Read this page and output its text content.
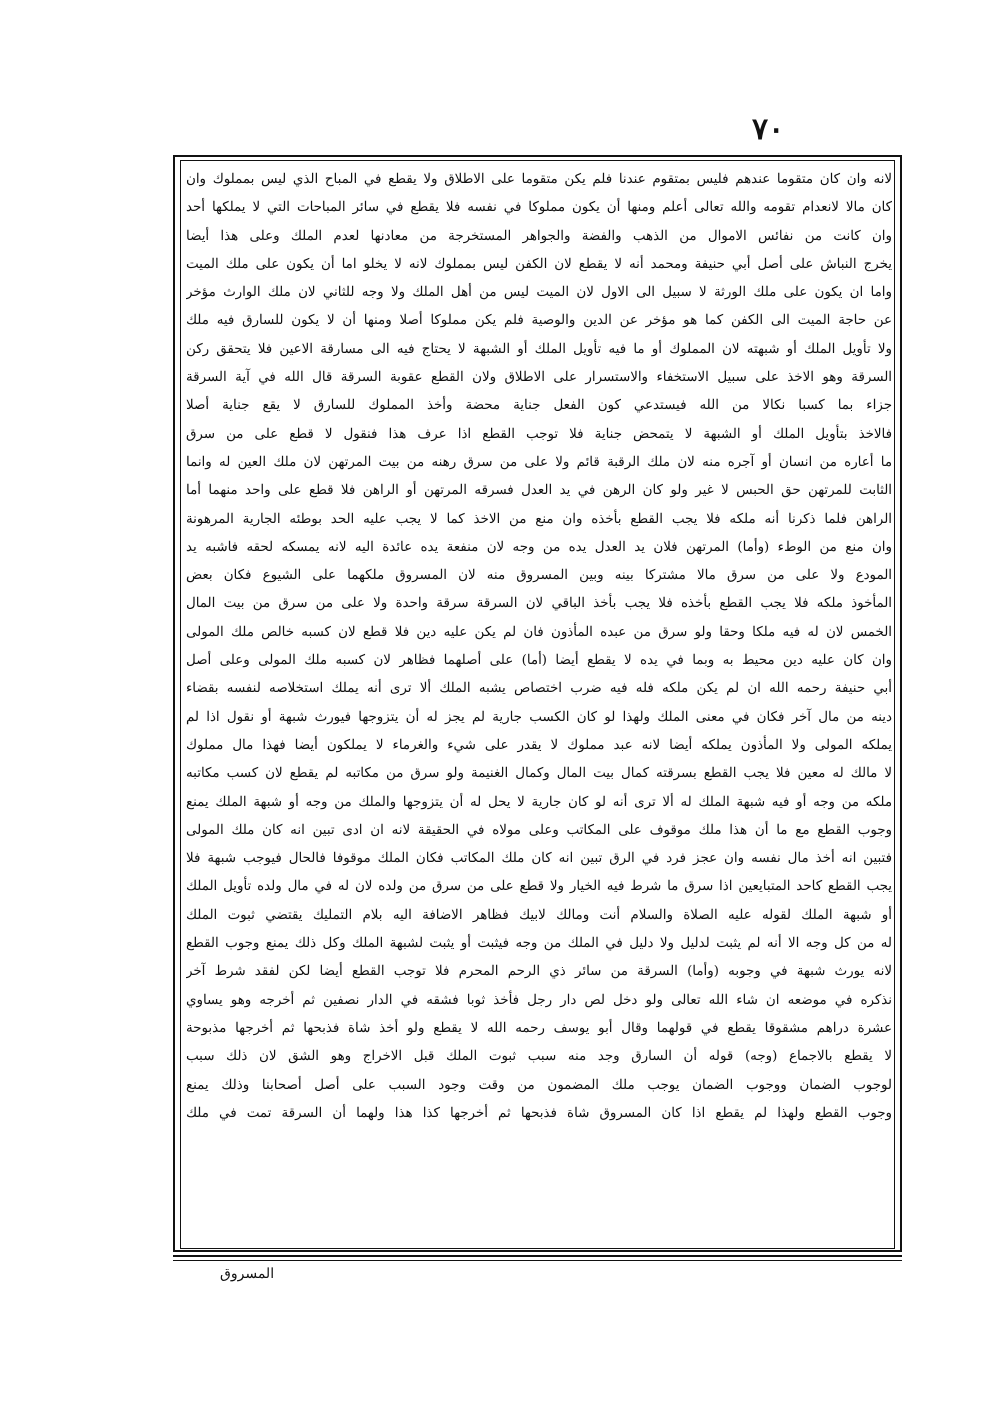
٧٠
لانه وان كان متقوما عندهم فليس بمتقوم عندنا فلم يكن متقوما على الاطلاق ولا يقطع في المباح الذي ليس بمملوك وان
كان مالا لانعدام تقومه والله تعالى أعلم ومنها أن يكون مملوكا في نفسه فلا يقطع في سائر المباحات التي لا يملكها أحد
وان كانت من نفائس الاموال من الذهب والفضة والجواهر المستخرجة من معادنها لعدم الملك وعلى هذا أيضا
يخرج النباش على أصل أبي حنيفة ومحمد أنه لا يقطع لان الكفن ليس بمملوك لانه لا يخلو اما أن يكون على ملك الميت
واما ان يكون على ملك الورثة لا سبيل الى الاول لان الميت ليس من أهل الملك ولا وجه للثاني لان ملك الوارث مؤخر
عن حاجة الميت الى الكفن كما هو مؤخر عن الدين والوصية فلم يكن مملوكا أصلا ومنها أن لا يكون للسارق فيه ملك
ولا تأويل الملك أو شبهته لان المملوك أو ما فيه تأويل الملك أو الشبهة لا يحتاج فيه الى مسارقة الاعين فلا يتحقق ركن
السرقة وهو الاخذ على سبيل الاستخفاء والاستسرار على الاطلاق ولان القطع عقوبة السرقة قال الله في آية السرقة
جزاء بما كسبا نكالا من الله فيستدعي كون الفعل جناية محضة وأخذ المملوك للسارق لا يقع جناية أصلا
فالاخذ بتأويل الملك أو الشبهة لا يتمحض جناية فلا توجب القطع اذا عرف هذا فنقول لا قطع على من سرق
ما أعاره من انسان أو آجره منه لان ملك الرقبة قائم ولا على من سرق رهنه من بيت المرتهن لان ملك العين له وانما
الثابت للمرتهن حق الحبس لا غير ولو كان الرهن في يد العدل فسرقه المرتهن أو الراهن فلا قطع على واحد منهما أما
الراهن فلما ذكرنا أنه ملكه فلا يجب القطع بأخذه وان منع من الاخذ كما لا يجب عليه الحد بوطئه الجارية المرهونة
وان منع من الوطء (وأما) المرتهن فلان يد العدل يده من وجه لان منفعة يده عائدة اليه لانه يمسكه لحقه فاشبه يد
المودع ولا على من سرق مالا مشتركا بينه وبين المسروق منه لان المسروق ملكهما على الشيوع فكان بعض
المأخوذ ملكه فلا يجب القطع بأخذه فلا يجب بأخذ الباقي لان السرقة سرقة واحدة ولا على من سرق من بيت المال
الخمس لان له فيه ملكا وحقا ولو سرق من عبده المأذون فان لم يكن عليه دين فلا قطع لان كسبه خالص ملك المولى
وان كان عليه دين محيط به وبما في يده لا يقطع أيضا (أما) على أصلهما فظاهر لان كسبه ملك المولى وعلى أصل
أبي حنيفة رحمه الله ان لم يكن ملكه فله فيه ضرب اختصاص يشبه الملك ألا ترى أنه يملك استخلاصه لنفسه بقضاء
دينه من مال آخر فكان في معنى الملك ولهذا لو كان الكسب جارية لم يجز له أن يتزوجها فيورث شبهة أو نقول اذا لم
يملكه المولى ولا المأذون يملكه أيضا لانه عبد مملوك لا يقدر على شيء والغرماء لا يملكون أيضا فهذا مال مملوك
لا مالك له معين فلا يجب القطع بسرقته كمال بيت المال وكمال الغنيمة ولو سرق من مكاتبه لم يقطع لان كسب مكاتبه
ملكه من وجه أو فيه شبهة الملك له ألا ترى أنه لو كان جارية لا يحل له أن يتزوجها والملك من وجه أو شبهة الملك يمنع
وجوب القطع مع ما أن هذا ملك موقوف على المكاتب وعلى مولاه في الحقيقة لانه ان ادى تبين انه كان ملك المولى
فتبين انه أخذ مال نفسه وان عجز فرد في الرق تبين انه كان ملك المكاتب فكان الملك موقوفا فالحال فيوجب شبهة فلا
يجب القطع كاحد المتبايعين اذا سرق ما شرط فيه الخيار ولا قطع على من سرق من ولده لان له في مال ولده تأويل الملك
أو شبهة الملك لقوله عليه الصلاة والسلام أنت ومالك لابيك فظاهر الاضافة اليه بلام التمليك يقتضي ثبوت الملك
له من كل وجه الا أنه لم يثبت لدليل ولا دليل في الملك من وجه فيثبت أو يثبت لشبهة الملك وكل ذلك يمنع وجوب القطع
لانه يورث شبهة في وجوبه (وأما) السرقة من سائر ذي الرحم المحرم فلا توجب القطع أيضا لكن لفقد شرط آخر
نذكره في موضعه ان شاء الله تعالى ولو دخل لص دار رجل فأخذ ثوبا فشقه في الدار نصفين ثم أخرجه وهو يساوي
عشرة دراهم مشقوقا يقطع في قولهما وقال أبو يوسف رحمه الله لا يقطع ولو أخذ شاة فذبحها ثم أخرجها مذبوحة
لا يقطع بالاجماع (وجه) قوله أن السارق وجد منه سبب ثبوت الملك قبل الاخراج وهو الشق لان ذلك سبب
لوجوب الضمان ووجوب الضمان يوجب ملك المضمون من وقت وجود السبب على أصل أصحابنا وذلك يمنع
وجوب القطع ولهذا لم يقطع اذا كان المسروق شاة فذبحها ثم أخرجها كذا هذا ولهما أن السرقة تمت في ملك
المسروق
